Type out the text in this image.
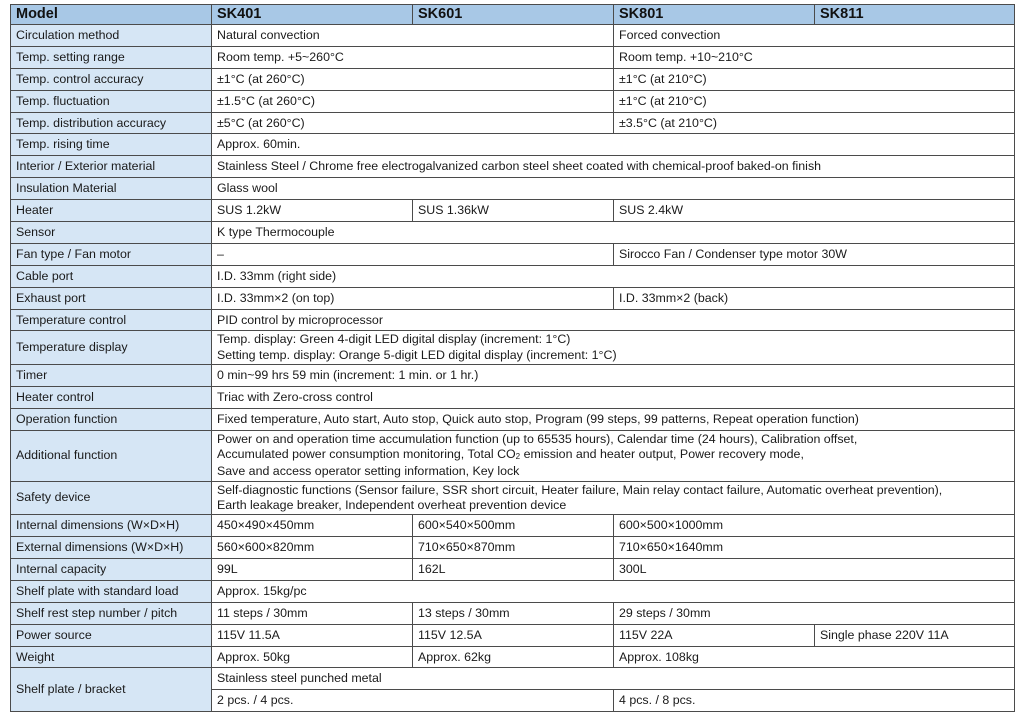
Model	SK401	SK601	SK801	SK811
Circulation method	Natural convection		Forced convection	
Temp. setting range	Room temp. +5~260°C		Room temp. +10~210°C	
Temp. control accuracy	±1°C (at 260°C)		±1°C (at 210°C)	
Temp. fluctuation	±1.5°C (at 260°C)		±1°C (at 210°C)	
Temp. distribution accuracy	±5°C (at 260°C)		±3.5°C (at 210°C)	
Temp. rising time	Approx. 60min.			
Interior / Exterior material	Stainless Steel / Chrome free electrogalvanized carbon steel sheet coated with chemical-proof baked-on finish			
Insulation Material	Glass wool			
Heater	SUS 1.2kW	SUS 1.36kW	SUS 2.4kW	
Sensor	K type Thermocouple			
Fan type / Fan motor	–		Sirocco Fan / Condenser type motor 30W	
Cable port	I.D. 33mm (right side)			
Exhaust port	I.D. 33mm×2 (on top)		I.D. 33mm×2 (back)	
Temperature control	PID control by microprocessor			
Temperature display	Temp. display: Green 4-digit LED digital display (increment: 1°C)
Setting temp. display: Orange 5-digit LED digital display (increment: 1°C)			
Timer	0 min~99 hrs 59 min (increment: 1 min. or 1 hr.)			
Heater control	Triac with Zero-cross control			
Operation function	Fixed temperature, Auto start, Auto stop, Quick auto stop, Program (99 steps, 99 patterns, Repeat operation function)			
Additional function	Power on and operation time accumulation function (up to 65535 hours), Calendar time (24 hours), Calibration offset,
Accumulated power consumption monitoring, Total $CO_2$ emission and heater output, Power recovery mode,
Save and access operator setting information, Key lock			
Safety device	Self-diagnostic functions (Sensor failure, SSR short circuit, Heater failure, Main relay contact failure, Automatic overheat prevention),
Earth leakage breaker, Independent overheat prevention device			
Internal dimensions (W×D×H)	450×490×450mm	600×540×500mm	600×500×1000mm	
External dimensions (W×D×H)	560×600×820mm	710×650×870mm	710×650×1640mm	
Internal capacity	99L	162L	300L	
Shelf plate with standard load	Approx. 15kg/pc			
Shelf rest step number / pitch	11 steps / 30mm	13 steps / 30mm	29 steps / 30mm	
Power source	115V 11.5A	115V 12.5A	115V 22A	Single phase 220V 11A
Weight	Approx. 50kg	Approx. 62kg	Approx. 108kg	
Shelf plate / bracket	Stainless steel punched metal			
	2 pcs. / 4 pcs.		4 pcs. / 8 pcs.	
